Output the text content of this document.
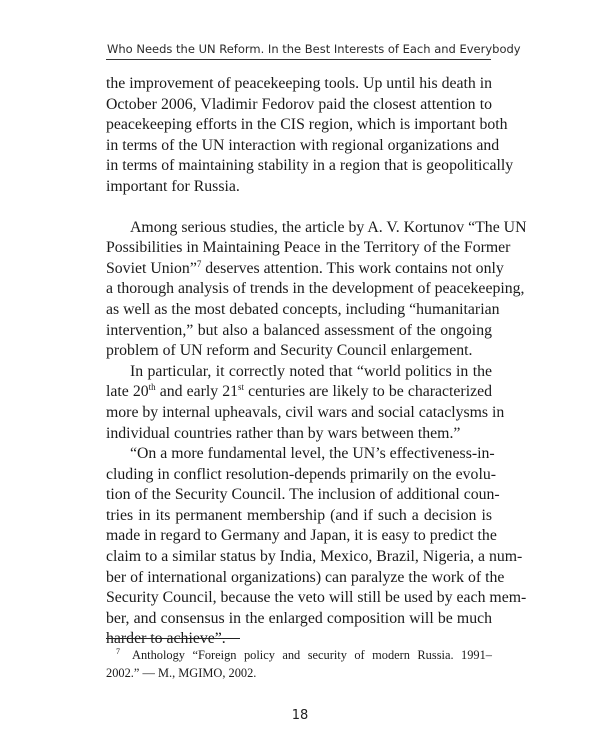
Who Needs the UN Reform. In the Best Interests of Each and Everybody
the improvement of peacekeeping tools. Up until his death in
October 2006, Vladimir Fedorov paid the closest attention to
peacekeeping efforts in the CIS region, which is important both
in terms of the UN interaction with regional organizations and
in terms of maintaining stability in a region that is geopolitically
important for Russia.
Among serious studies, the article by A. V. Kortunov “The UN
Possibilities in Maintaining Peace in the Territory of the Former
Soviet Union”$^7$ deserves attention. This work contains not only
a thorough analysis of trends in the development of peacekeeping,
as well as the most debated concepts, including “humanitarian
intervention,” but also a balanced assessment of the ongoing
problem of UN reform and Security Council enlargement.
In particular, it correctly noted that “world politics in the
late 20th and early 21st centuries are likely to be characterized
more by internal upheavals, civil wars and social cataclysms in
individual countries rather than by wars between them.”
“On a more fundamental level, the UN’s effectiveness-in-
cluding in conflict resolution-depends primarily on the evolu-
tion of the Security Council. The inclusion of additional coun-
tries in its permanent membership (and if such a decision is
made in regard to Germany and Japan, it is easy to predict the
claim to a similar status by India, Mexico, Brazil, Nigeria, a num-
ber of international organizations) can paralyze the work of the
Security Council, because the veto will still be used by each mem-
ber, and consensus in the enlarged composition will be much
harder to achieve”.
$^7$ Anthology “Foreign policy and security of modern Russia. 1991–
2002.” — M., MGIMO, 2002.
18
